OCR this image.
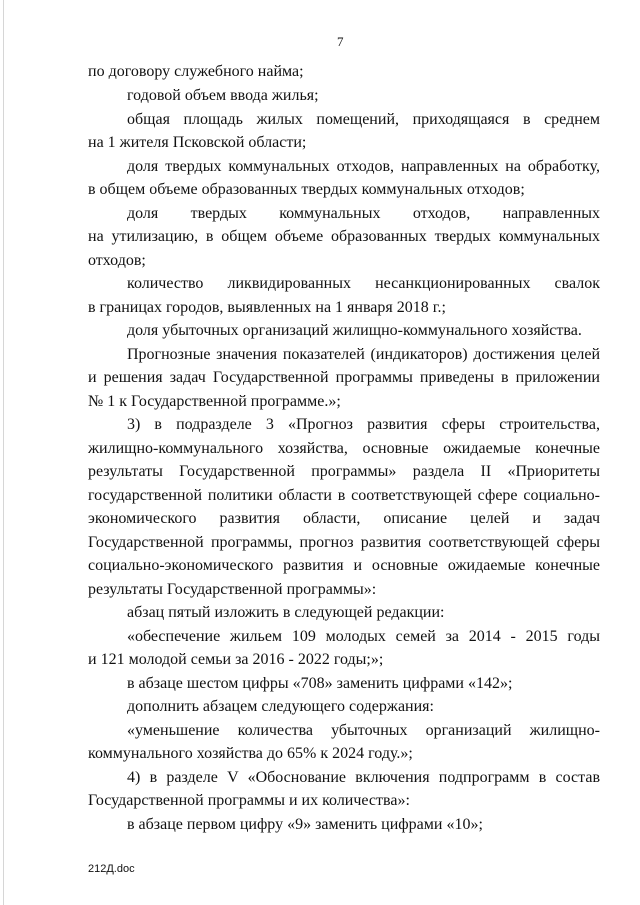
7
по договору служебного найма;
годовой объем ввода жилья;
общая площадь жилых помещений, приходящаяся в среднем
на 1 жителя Псковской области;
доля твердых коммунальных отходов, направленных на обработку,
в общем объеме образованных твердых коммунальных отходов;
доля твердых коммунальных отходов, направленных
на утилизацию, в общем объеме образованных твердых коммунальных
отходов;
количество ликвидированных несанкционированных свалок
в границах городов, выявленных на 1 января 2018 г.;
доля убыточных организаций жилищно-коммунального хозяйства.
Прогнозные значения показателей (индикаторов) достижения целей
и решения задач Государственной программы приведены в приложении
№ 1 к Государственной программе.»;
3) в подразделе 3 «Прогноз развития сферы строительства,
жилищно-коммунального хозяйства, основные ожидаемые конечные
результаты Государственной программы» раздела II «Приоритеты
государственной политики области в соответствующей сфере социально-
экономического развития области, описание целей и задач
Государственной программы, прогноз развития соответствующей сферы
социально-экономического развития и основные ожидаемые конечные
результаты Государственной программы»:
абзац пятый изложить в следующей редакции:
«обеспечение жильем 109 молодых семей за 2014 - 2015 годы
и 121 молодой семьи за 2016 - 2022 годы;»;
в абзаце шестом цифры «708» заменить цифрами «142»;
дополнить абзацем следующего содержания:
«уменьшение количества убыточных организаций жилищно-
коммунального хозяйства до 65% к 2024 году.»;
4) в разделе V «Обоснование включения подпрограмм в состав
Государственной программы и их количества»:
в абзаце первом цифру «9» заменить цифрами «10»;
212Д.doc
